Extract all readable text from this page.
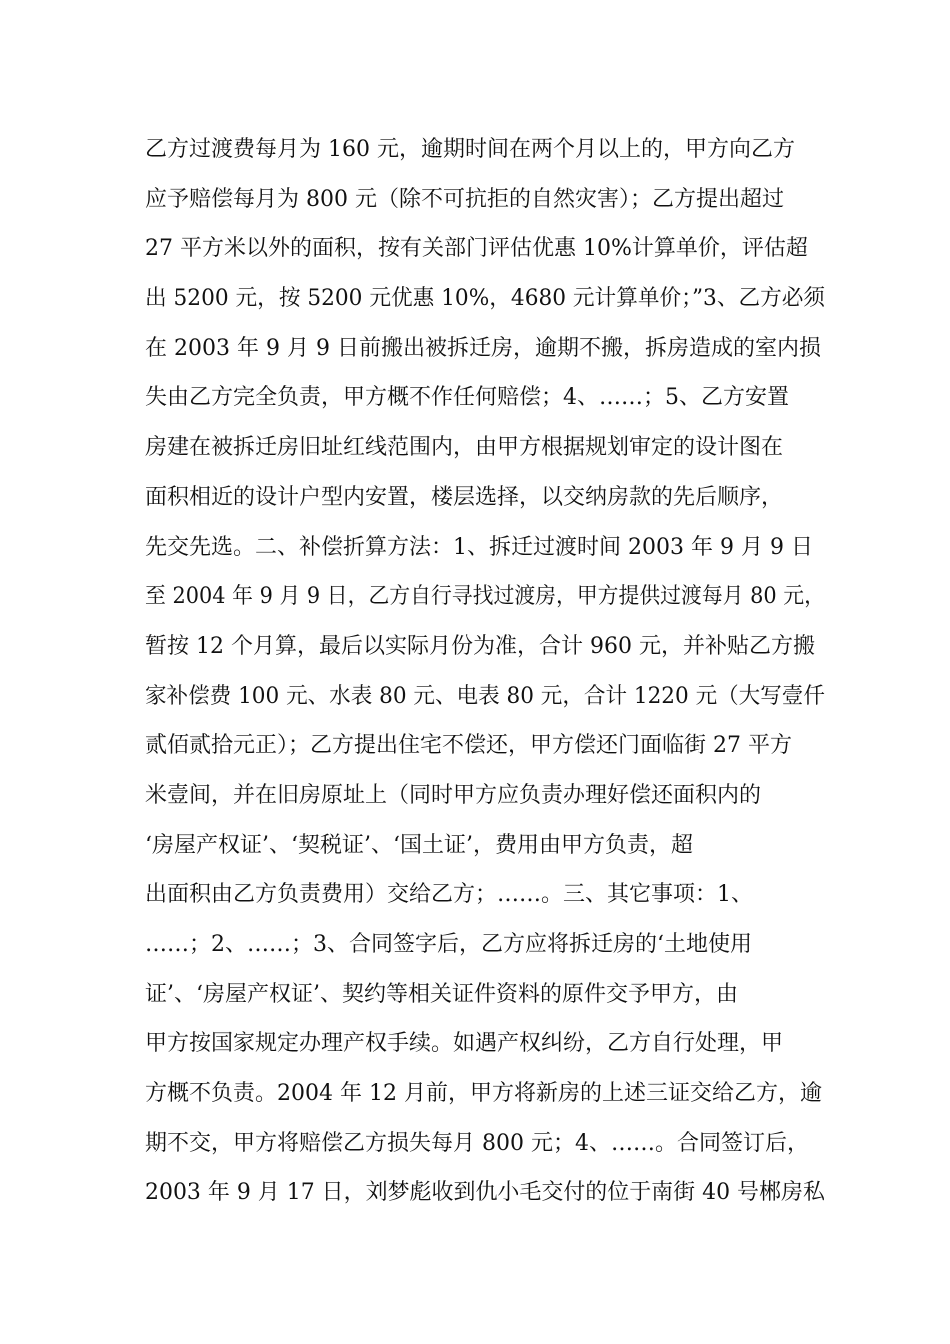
乙方过渡费每月为 160 元，逾期时间在两个月以上的，甲方向乙方
应予赔偿每月为 800 元（除不可抗拒的自然灾害）；乙方提出超过
27 平方米以外的面积，按有关部门评估优惠 10%计算单价，评估超
出 5200 元，按 5200 元优惠 10%，4680 元计算单价；”3、乙方必须
在 2003 年 9 月 9 日前搬出被拆迁房，逾期不搬，拆房造成的室内损
失由乙方完全负责，甲方概不作任何赔偿；4、……；5、乙方安置
房建在被拆迁房旧址红线范围内，由甲方根据规划审定的设计图在
面积相近的设计户型内安置，楼层选择，以交纳房款的先后顺序，
先交先选。二、补偿折算方法：1、拆迁过渡时间 2003 年 9 月 9 日
至 2004 年 9 月 9 日，乙方自行寻找过渡房，甲方提供过渡每月 80 元，
暂按 12 个月算，最后以实际月份为准，合计 960 元，并补贴乙方搬
家补偿费 100 元、水表 80 元、电表 80 元，合计 1220 元（大写壹仟
贰佰贰拾元正）；乙方提出住宅不偿还，甲方偿还门面临街 27 平方
米壹间，并在旧房原址上（同时甲方应负责办理好偿还面积内的
‘房屋产权证’、‘契税证’、‘国土证’，费用由甲方负责，超
出面积由乙方负责费用）交给乙方；……。三、其它事项：1、
……；2、……；3、合同签字后，乙方应将拆迁房的‘土地使用
证’、‘房屋产权证’、契约等相关证件资料的原件交予甲方，由
甲方按国家规定办理产权手续。如遇产权纠纷，乙方自行处理，甲
方概不负责。2004 年 12 月前，甲方将新房的上述三证交给乙方，逾
期不交，甲方将赔偿乙方损失每月 800 元；4、……。合同签订后，
2003 年 9 月 17 日，刘梦彪收到仇小毛交付的位于南街 40 号郴房私
